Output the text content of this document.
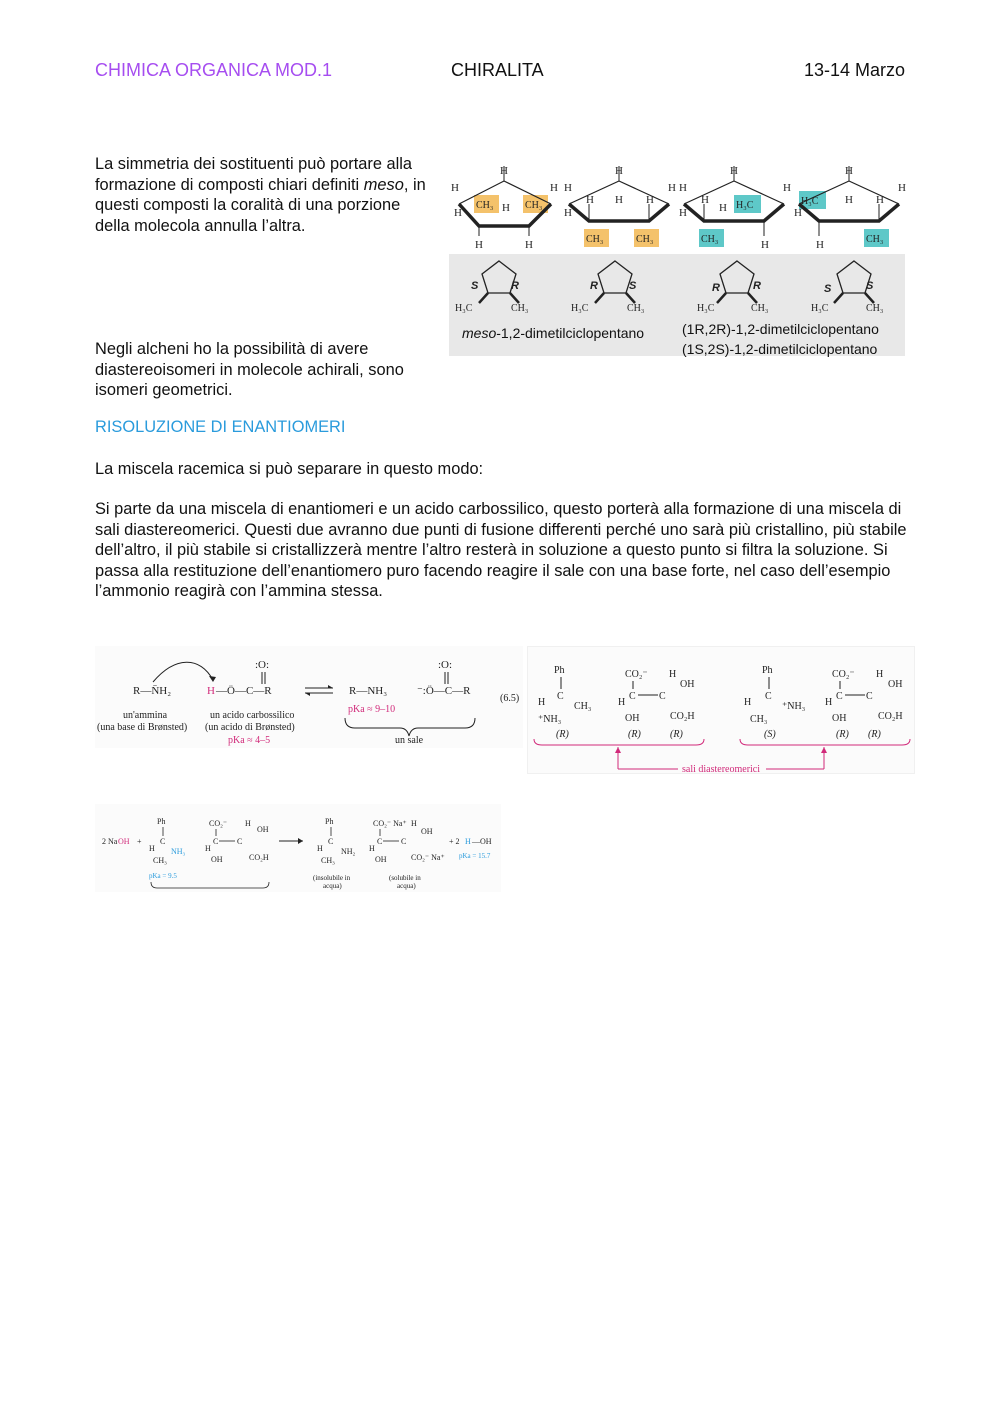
CHIMICA ORGANICA MOD.1	CHIRALITA	13-14 Marzo

La simmetria dei sostituenti può portare alla formazione di composti chiari definiti meso, in questi composti la coralità di una porzione della molecola annulla l’altra.

H
H
H
CH₃ H CH₃
H
H	H
H
H
H
H H H
H
CH₃	CH₃
H
H
H
H
H H₃C
H
CH₃	H
H
H₃C
H
H H
H
H	CH₃
S	R
H₃C	CH₃
R	S
H₃C	CH₃
R	R
H₃C	CH₃
S	S
H₃C	CH₃
meso-1,2-dimetilciclopentano	(1R,2R)-1,2-dimetilciclopentano
(1S,2S)-1,2-dimetilciclopentano

Negli alcheni ho la possibilità di avere diastereoisomeri in molecole achirali, sono isomeri geometrici.

RISOLUZIONE DI ENANTIOMERI

La miscela racemica si può separare in questo modo:

Si parte da una miscela di enantiomeri e un acido carbossilico, questo porterà alla formazione di una miscela di sali diastereomerici. Questi due avranno due punti di fusione differenti perché uno sarà più cristallino, più stabile dell’altro, il più stabile si cristallizzerà mentre l’altro resterà in soluzione a questo punto si filtra la soluzione. Si passa alla restituzione dell’enantiomero puro facendo reagire il sale con una base forte, nel caso dell’esempio l’ammonio reagirà con l’ammina stessa.

R—N̈H₂	H —Ö—C—R
:O:
un'ammina
(una base di Brønsted)
un acido carbossilico
(un acido di Brønsted)
pKa ≈ 4–5
R—NH₃
pKa ≈ 9–10
⁻:Ö—C—R
:O:
un sale
(6.5)
Ph
C
H	CH₃
⁺NH₃
CO₂⁻
C C
H
OH
H
OH
CO₂H
(R)	(R)	(R)
Ph
C
H	⁺NH₃
CH₃
CO₂⁻
C C
H
OH
H
OH
CO₂H
(S)	(R) (R)
sali diastereomerici
2 Na OH +
Ph
C
H NH₃
CH₃
pKa = 9.5
CO₂⁻
C C
H
OH
H
OH
CO₂H
Ph
C
H NH₂
CH₃
(insolubile in
acqua)
CO₂⁻ Na⁺
C C
H
OH
H
OH
CO₂⁻ Na⁺
(solubile in
acqua)
+ 2 H —OH
pKa = 15.7
